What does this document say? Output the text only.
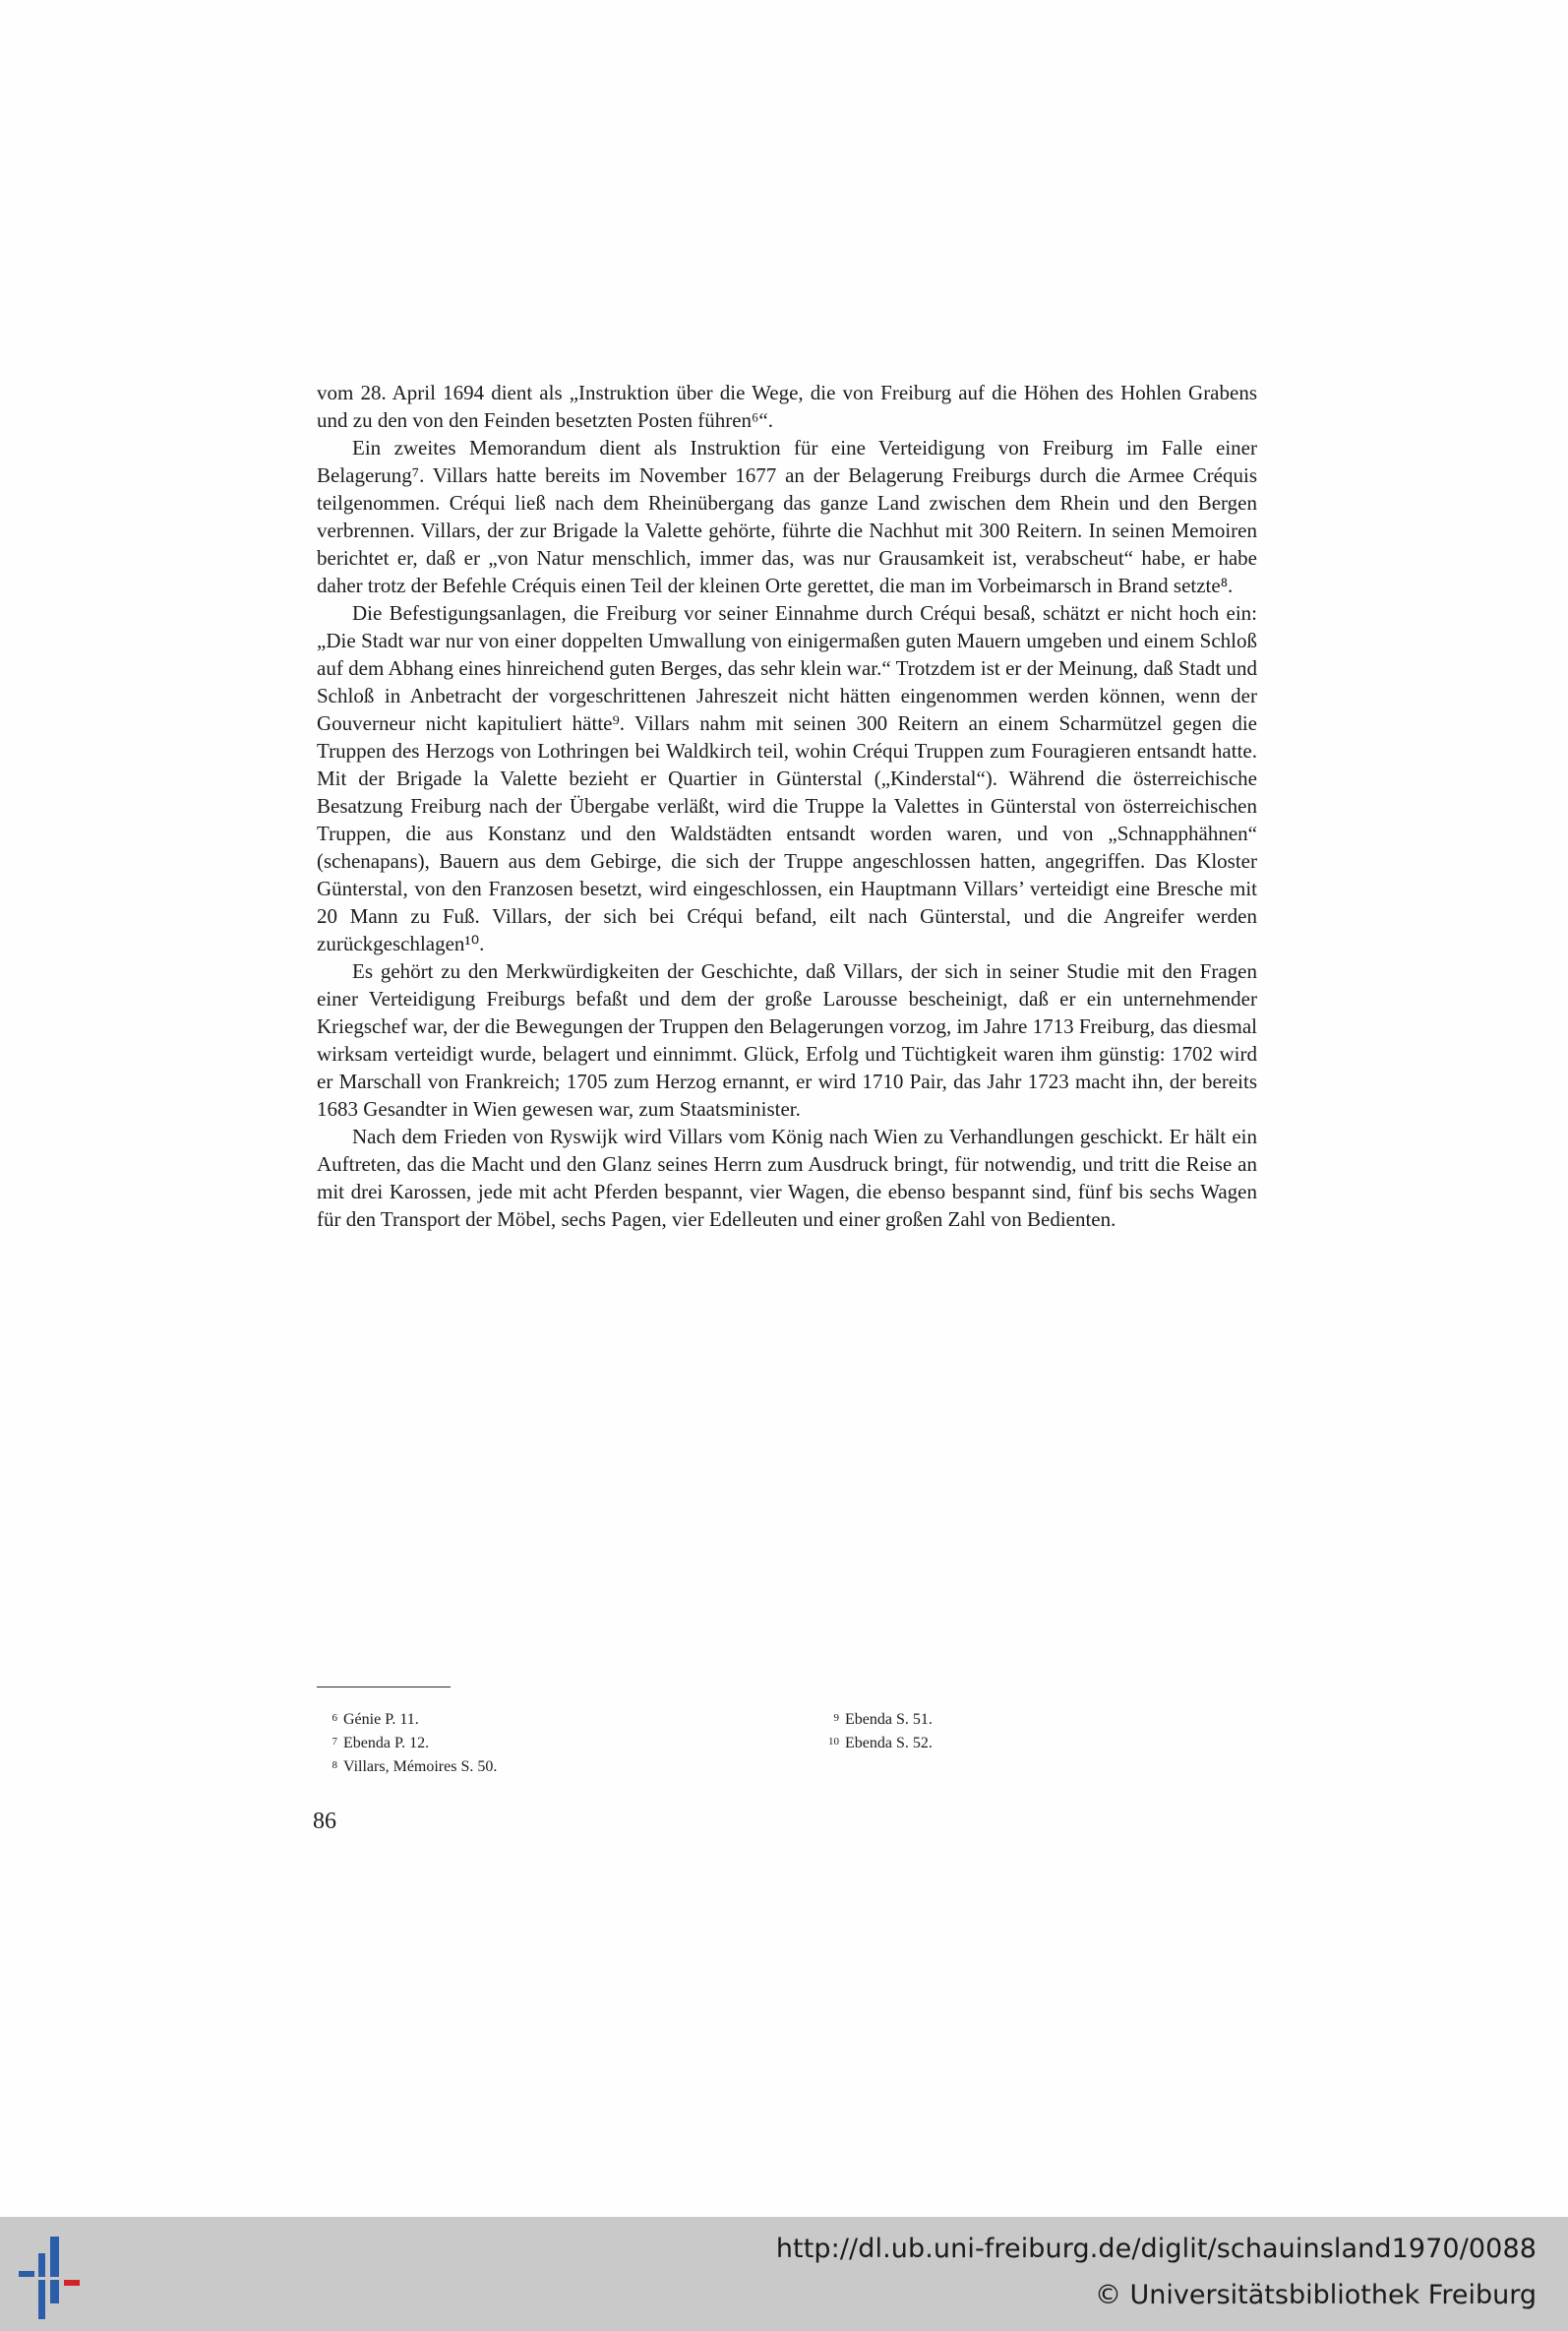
vom 28. April 1694 dient als „Instruktion über die Wege, die von Freiburg auf die Höhen des Hohlen Grabens und zu den von den Feinden besetzten Posten führen⁶“.

Ein zweites Memorandum dient als Instruktion für eine Verteidigung von Freiburg im Falle einer Belagerung⁷. Villars hatte bereits im November 1677 an der Belagerung Freiburgs durch die Armee Créquis teilgenommen. Créqui ließ nach dem Rheinübergang das ganze Land zwischen dem Rhein und den Bergen verbrennen. Villars, der zur Brigade la Valette gehörte, führte die Nachhut mit 300 Reitern. In seinen Memoiren berichtet er, daß er „von Natur menschlich, immer das, was nur Grausamkeit ist, verabscheut“ habe, er habe daher trotz der Befehle Créquis einen Teil der kleinen Orte gerettet, die man im Vorbeimarsch in Brand setzte⁸.

Die Befestigungsanlagen, die Freiburg vor seiner Einnahme durch Créqui besaß, schätzt er nicht hoch ein: „Die Stadt war nur von einer doppelten Umwallung von einigermaßen guten Mauern umgeben und einem Schloß auf dem Abhang eines hinreichend guten Berges, das sehr klein war.“ Trotzdem ist er der Meinung, daß Stadt und Schloß in Anbetracht der vorgeschrittenen Jahreszeit nicht hätten eingenommen werden können, wenn der Gouverneur nicht kapituliert hätte⁹. Villars nahm mit seinen 300 Reitern an einem Scharmützel gegen die Truppen des Herzogs von Lothringen bei Waldkirch teil, wohin Créqui Truppen zum Fouragieren entsandt hatte. Mit der Brigade la Valette bezieht er Quartier in Günterstal („Kinderstal“). Während die österreichische Besatzung Freiburg nach der Übergabe verläßt, wird die Truppe la Valettes in Günterstal von österreichischen Truppen, die aus Konstanz und den Waldstädten entsandt worden waren, und von „Schnapphähnen“ (schenapans), Bauern aus dem Gebirge, die sich der Truppe angeschlossen hatten, angegriffen. Das Kloster Günterstal, von den Franzosen besetzt, wird eingeschlossen, ein Hauptmann Villars’ verteidigt eine Bresche mit 20 Mann zu Fuß. Villars, der sich bei Créqui befand, eilt nach Günterstal, und die Angreifer werden zurückgeschlagen¹⁰.

Es gehört zu den Merkwürdigkeiten der Geschichte, daß Villars, der sich in seiner Studie mit den Fragen einer Verteidigung Freiburgs befaßt und dem der große Larousse bescheinigt, daß er ein unternehmender Kriegschef war, der die Bewegungen der Truppen den Belagerungen vorzog, im Jahre 1713 Freiburg, das diesmal wirksam verteidigt wurde, belagert und einnimmt. Glück, Erfolg und Tüchtigkeit waren ihm günstig: 1702 wird er Marschall von Frankreich; 1705 zum Herzog ernannt, er wird 1710 Pair, das Jahr 1723 macht ihn, der bereits 1683 Gesandter in Wien gewesen war, zum Staatsminister.

Nach dem Frieden von Ryswijk wird Villars vom König nach Wien zu Verhandlungen geschickt. Er hält ein Auftreten, das die Macht und den Glanz seines Herrn zum Ausdruck bringt, für notwendig, und tritt die Reise an mit drei Karossen, jede mit acht Pferden bespannt, vier Wagen, die ebenso bespannt sind, fünf bis sechs Wagen für den Transport der Möbel, sechs Pagen, vier Edelleuten und einer großen Zahl von Bedienten.

6 Génie P. 11.
7 Ebenda P. 12.
8 Villars, Mémoires S. 50.
9 Ebenda S. 51.
10 Ebenda S. 52.
86
http://dl.ub.uni-freiburg.de/diglit/schauinsland1970/0088
© Universitätsbibliothek Freiburg
